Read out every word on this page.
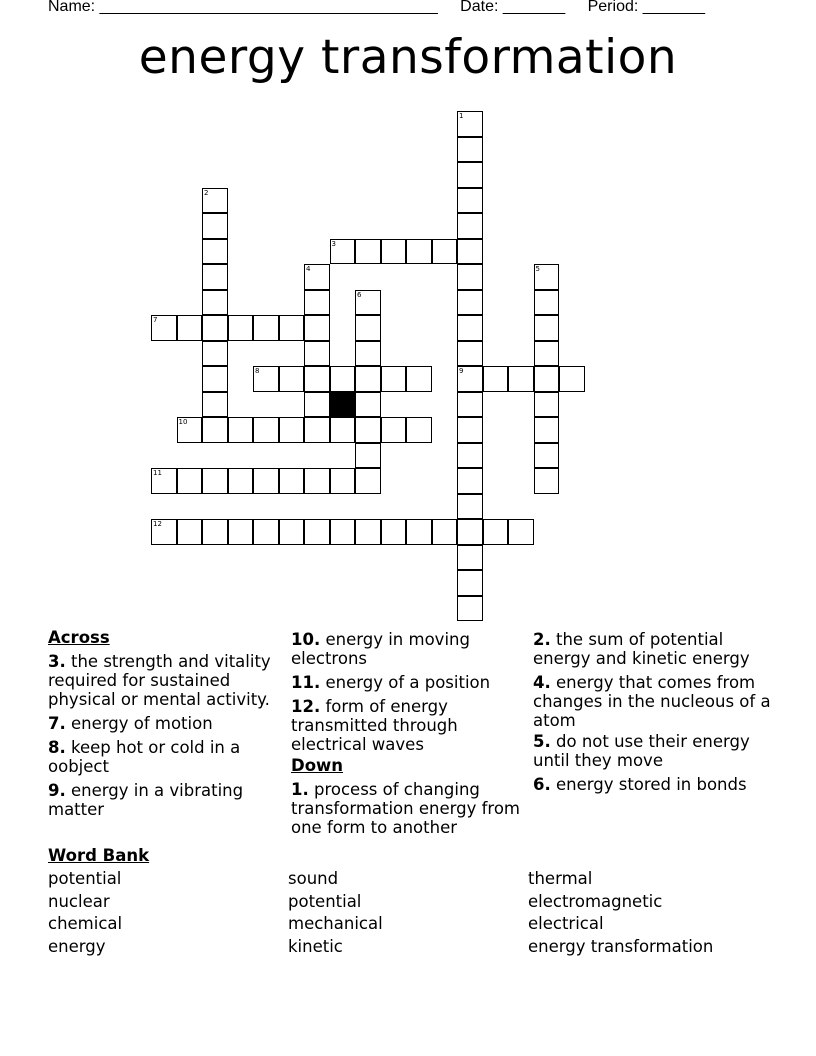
Name: ______________________________________ Date: _______ Period: _______
energy transformation
1
9
2
3
4	5
6
7
8
10
11
12
Across
3. the strength and vitality required for sustained physical or mental activity.
7. energy of motion
8. keep hot or cold in a oobject
9. energy in a vibrating matter
10. energy in moving electrons
11. energy of a position
12. form of energy transmitted through electrical waves
Down
1. process of changing transformation energy from one form to another
2. the sum of potential energy and kinetic energy
4. energy that comes from changes in the nucleous of a atom
5. do not use their energy until they move
6. energy stored in bonds
Word Bank
potential
nuclear
chemical
energy
sound
potential
mechanical
kinetic
thermal
electromagnetic
electrical
energy transformation
